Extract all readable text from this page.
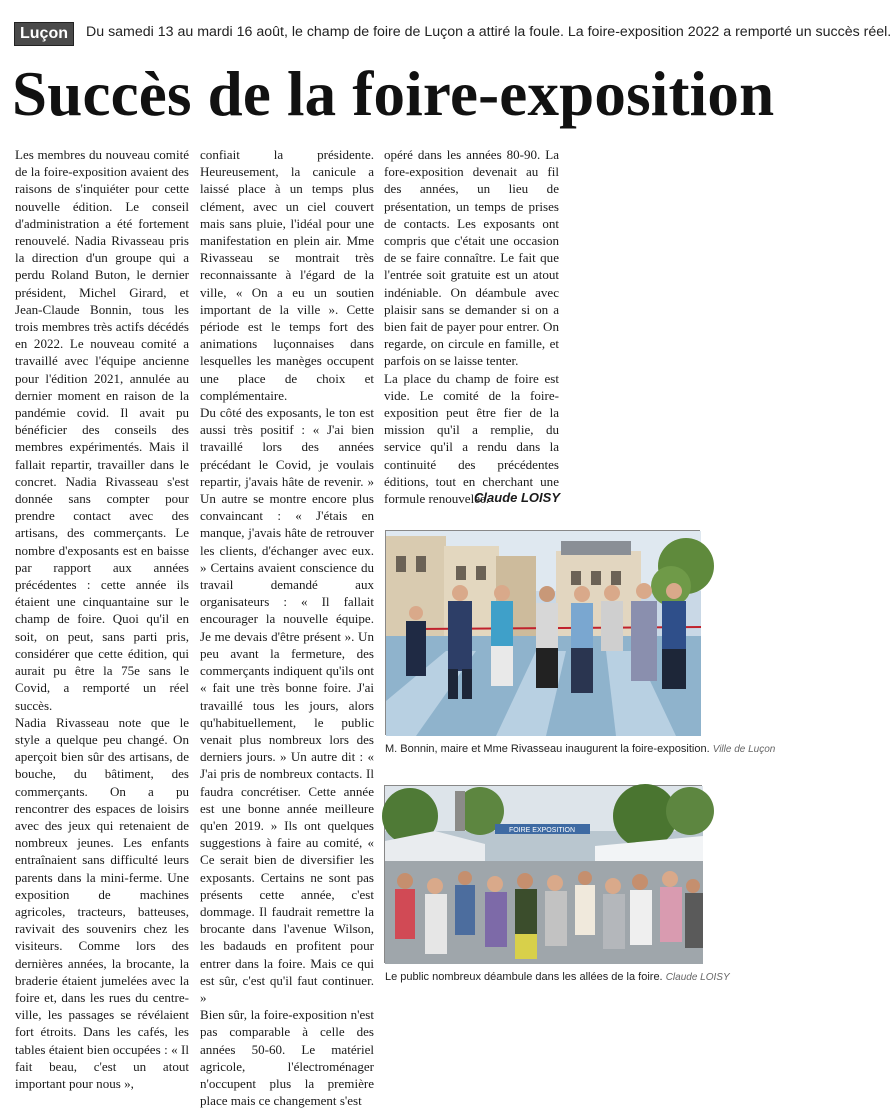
Luçon	Du samedi 13 au mardi 16 août, le champ de foire de Luçon a attiré la foule. La foire-exposition 2022 a remporté un succès réel.
Succès de la foire-exposition

Les membres du nouveau comité de la foire-exposition avaient des raisons de s'inquiéter pour cette nouvelle édition. Le conseil d'administration a été fortement renouvelé. Nadia Rivasseau pris la direction d'un groupe qui a perdu Roland Buton, le dernier président, Michel Girard, et Jean-Claude Bonnin, tous les trois membres très actifs décédés en 2022. Le nouveau comité a travaillé avec l'équipe ancienne pour l'édition 2021, annulée au dernier moment en raison de la pandémie covid. Il avait pu bénéficier des conseils des membres expérimentés. Mais il fallait repartir, travailler dans le concret. Nadia Rivasseau s'est donnée sans compter pour prendre contact avec des artisans, des commerçants. Le nombre d'exposants est en baisse par rapport aux années précédentes : cette année ils étaient une cinquantaine sur le champ de foire. Quoi qu'il en soit, on peut, sans parti pris, considérer que cette édition, qui aurait pu être la 75e sans le Covid, a remporté un réel succès.

Nadia Rivasseau note que le style a quelque peu changé. On aperçoit bien sûr des artisans, de bouche, du bâtiment, des commerçants. On a pu rencontrer des espaces de loisirs avec des jeux qui retenaient de nombreux jeunes. Les enfants entraînaient sans difficulté leurs parents dans la mini-ferme. Une exposition de machines agricoles, tracteurs, batteuses, ravivait des souvenirs chez les visiteurs. Comme lors des dernières années, la brocante, la braderie étaient jumelées avec la foire et, dans les rues du centre-ville, les passages se révélaient fort étroits. Dans les cafés, les tables étaient bien occupées : « Il fait beau, c'est un atout important pour nous »,

confiait la présidente. Heureusement, la canicule a laissé place à un temps plus clément, avec un ciel couvert mais sans pluie, l'idéal pour une manifestation en plein air. Mme Rivasseau se montrait très reconnaissante à l'égard de la ville, « On a eu un soutien important de la ville ». Cette période est le temps fort des animations luçonnaises dans lesquelles les manèges occupent une place de choix et complémentaire.

Du côté des exposants, le ton est aussi très positif : « J'ai bien travaillé lors des années précédant le Covid, je voulais repartir, j'avais hâte de revenir. » Un autre se montre encore plus convaincant : « J'étais en manque, j'avais hâte de retrouver les clients, d'échanger avec eux. » Certains avaient conscience du travail demandé aux organisateurs : « Il fallait encourager la nouvelle équipe. Je me devais d'être présent ». Un peu avant la fermeture, des commerçants indiquent qu'ils ont « fait une très bonne foire. J'ai travaillé tous les jours, alors qu'habituellement, le public venait plus nombreux lors des derniers jours. » Un autre dit : « J'ai pris de nombreux contacts. Il faudra concrétiser. Cette année est une bonne année meilleure qu'en 2019. » Ils ont quelques suggestions à faire au comité, « Ce serait bien de diversifier les exposants. Certains ne sont pas présents cette année, c'est dommage. Il faudrait remettre la brocante dans l'avenue Wilson, les badauds en profitent pour entrer dans la foire. Mais ce qui est sûr, c'est qu'il faut continuer. »

Bien sûr, la foire-exposition n'est pas comparable à celle des années 50-60. Le matériel agricole, l'électroménager n'occupent plus la première place mais ce changement s'est

opéré dans les années 80-90. La fore-exposition devenait au fil des années, un lieu de présentation, un temps de prises de contacts. Les exposants ont compris que c'était une occasion de se faire connaître. Le fait que l'entrée soit gratuite est un atout indéniable. On déambule avec plaisir sans se demander si on a bien fait de payer pour entrer. On regarde, on circule en famille, et parfois on se laisse tenter.

La place du champ de foire est vide. Le comité de la foire-exposition peut être fier de la mission qu'il a remplie, du service qu'il a rendu dans la continuité des précédentes éditions, tout en cherchant une formule renouvelée.

Claude LOISY
M. Bonnin, maire et Mme Rivasseau inaugurent la foire-exposition. Ville de Luçon
FOIRE EXPOSITION
Le public nombreux déambule dans les allées de la foire. Claude LOISY
